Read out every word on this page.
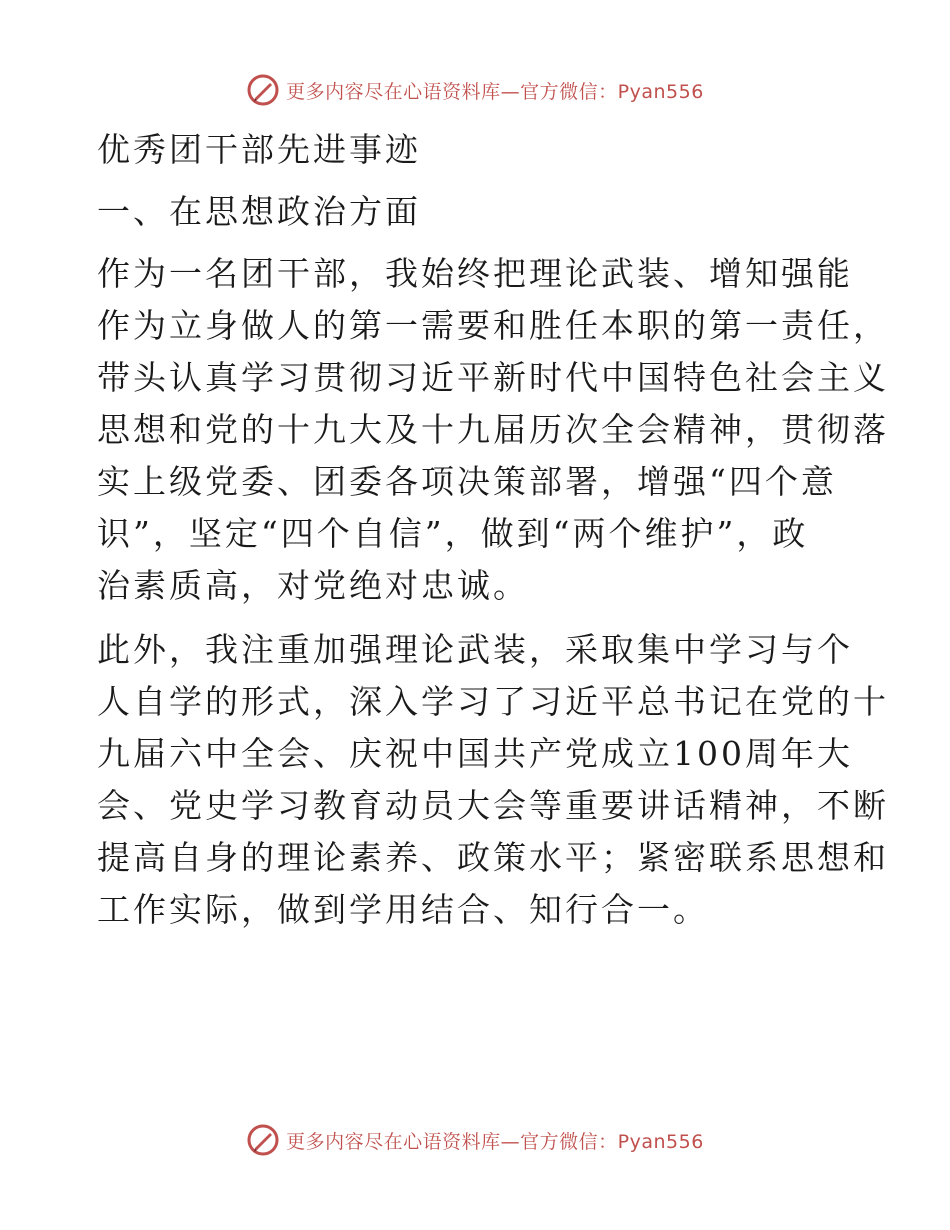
更多内容尽在心语资料库—官方微信：Pyan556
优秀团干部先进事迹
一、在思想政治方面
作为一名团干部，我始终把理论武装、增知强能
作为立身做人的第一需要和胜任本职的第一责任，
带头认真学习贯彻习近平新时代中国特色社会主义
思想和党的十九大及十九届历次全会精神，贯彻落
实上级党委、团委各项决策部署，增强“四个意
识”，坚定“四个自信”，做到“两个维护”，政
治素质高，对党绝对忠诚。
此外，我注重加强理论武装，采取集中学习与个
人自学的形式，深入学习了习近平总书记在党的十
九届六中全会、庆祝中国共产党成立100周年大
会、党史学习教育动员大会等重要讲话精神，不断
提高自身的理论素养、政策水平；紧密联系思想和
工作实际，做到学用结合、知行合一。
更多内容尽在心语资料库—官方微信：Pyan556
